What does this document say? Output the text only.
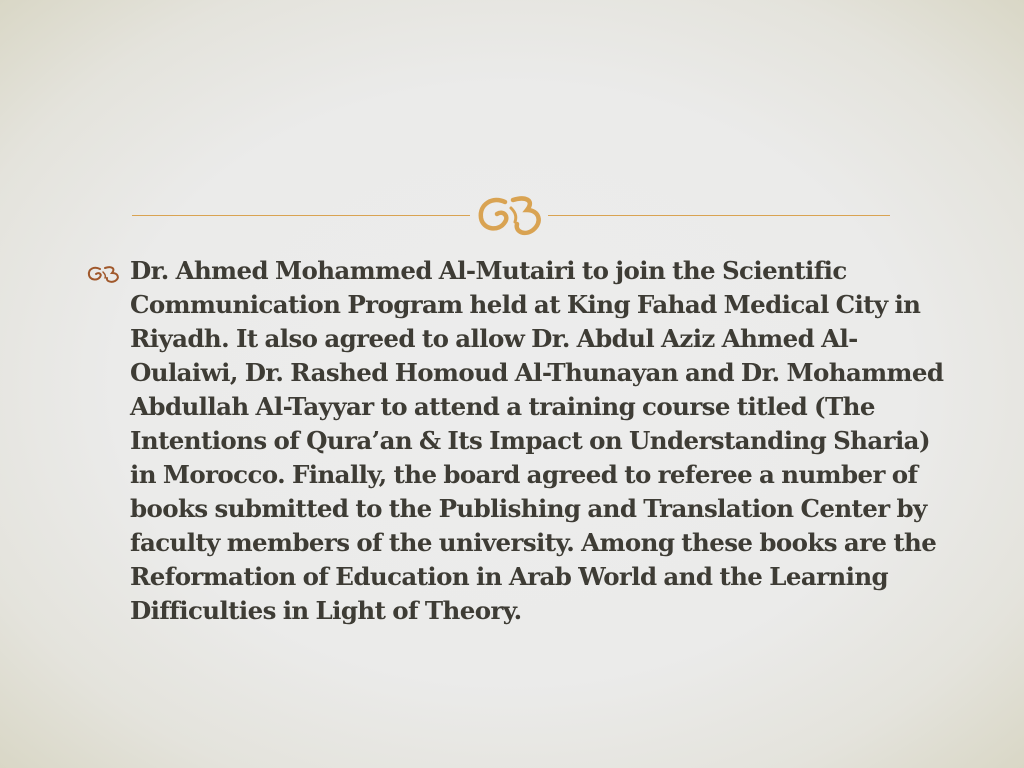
Dr. Ahmed Mohammed Al-Mutairi to join the Scientific Communication Program held at King Fahad Medical City in Riyadh. It also agreed to allow Dr. Abdul Aziz Ahmed Al-Oulaiwi, Dr. Rashed Homoud Al-Thunayan and Dr. Mohammed Abdullah Al-Tayyar to attend a training course titled (The Intentions of Qura’an & Its Impact on Understanding Sharia) in Morocco. Finally, the board agreed to referee a number of books submitted to the Publishing and Translation Center by faculty members of the university. Among these books are the Reformation of Education in Arab World and the Learning Difficulties in Light of Theory.
